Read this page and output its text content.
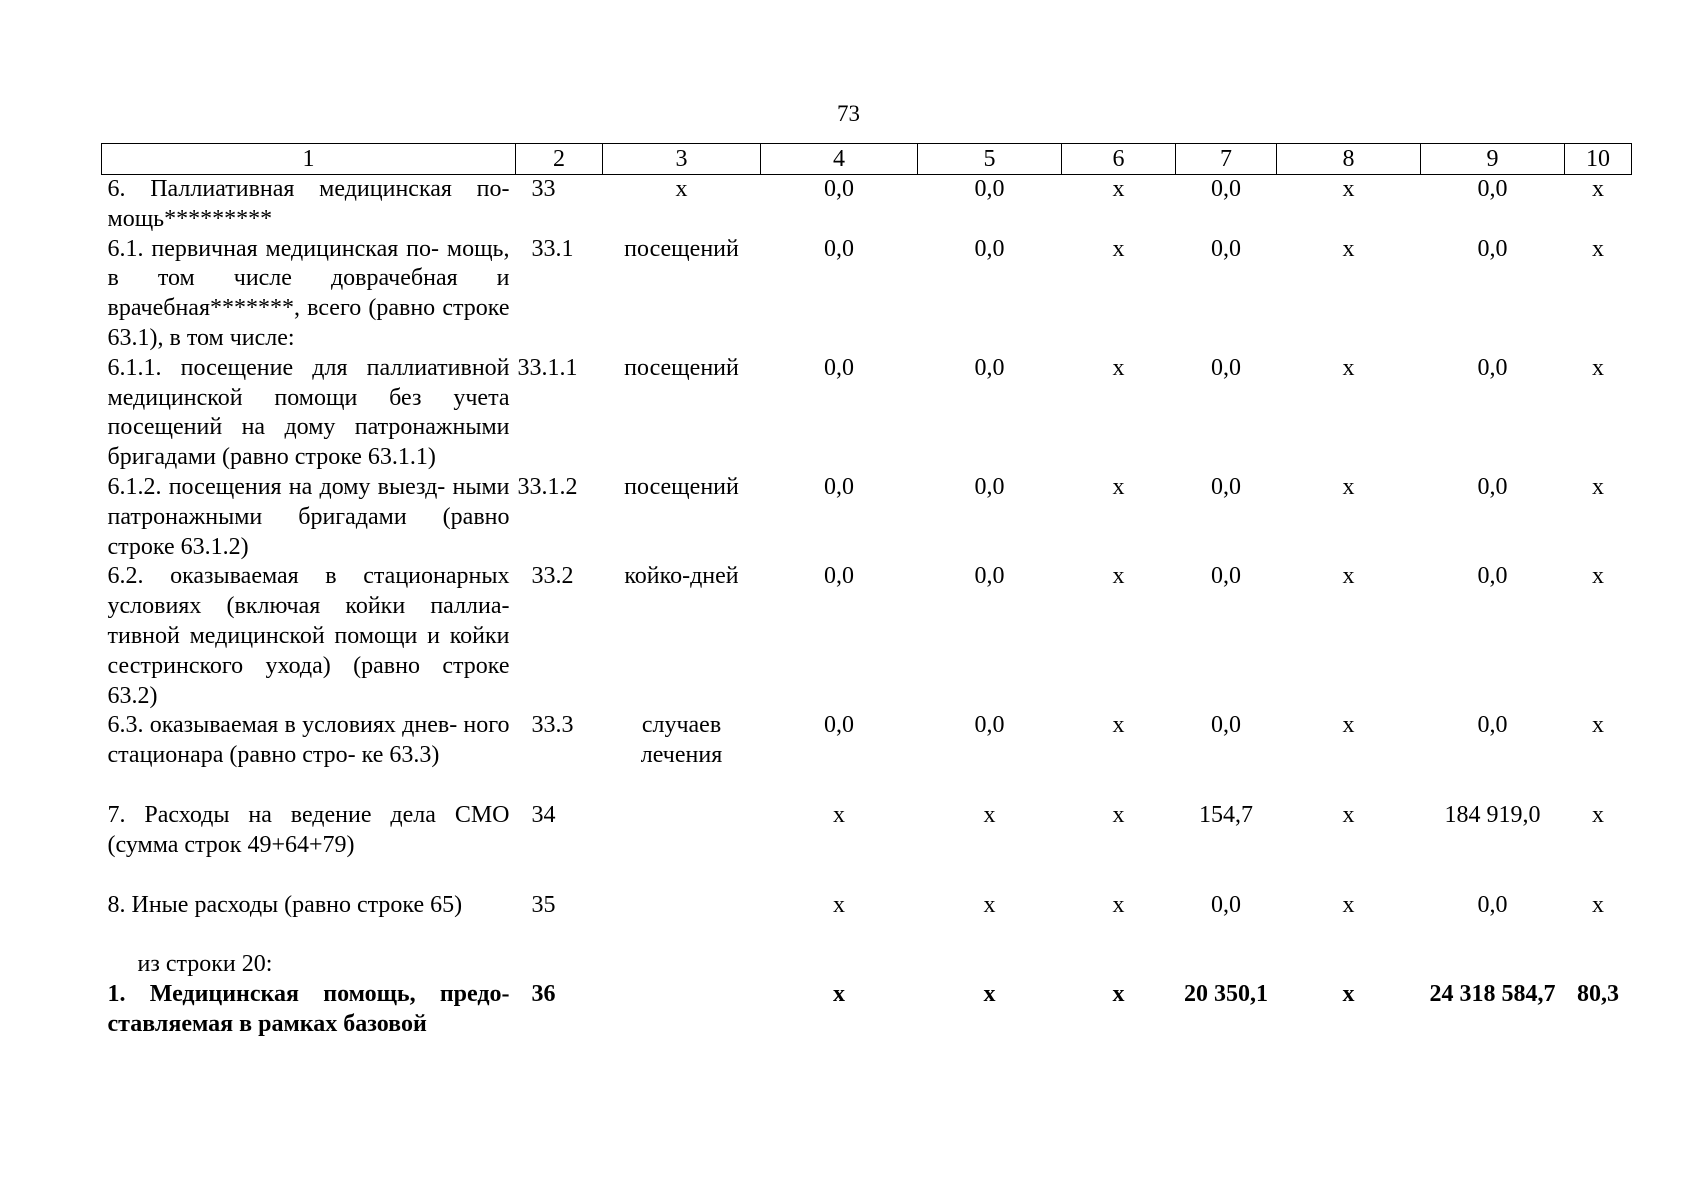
73
1	2	3	4	5	6	7	8	9	10
6. Паллиативная медицинская по- мощь*********	33	х	0,0	0,0	х	0,0	х	0,0	х
6.1. первичная медицинская по- мощь, в том числе доврачебная и врачебная*******, всего (равно строке 63.1), в том числе:	33.1	посещений	0,0	0,0	х	0,0	х	0,0	х
6.1.1. посещение для паллиативной медицинской помощи без учета посещений на дому патронажными бригадами (равно строке 63.1.1)	33.1.1	посещений	0,0	0,0	х	0,0	х	0,0	х
6.1.2. посещения на дому выезд- ными патронажными бригадами (равно строке 63.1.2)	33.1.2	посещений	0,0	0,0	х	0,0	х	0,0	х
6.2. оказываемая в стационарных условиях (включая койки паллиа- тивной медицинской помощи и койки сестринского ухода) (равно строке 63.2)	33.2	койко-дней	0,0	0,0	х	0,0	х	0,0	х
6.3. оказываемая в условиях днев- ного стационара (равно стро- ке 63.3)	33.3	случаев лечения	0,0	0,0	х	0,0	х	0,0	х
7. Расходы на ведение дела СМО (сумма строк 49+64+79)	34		х	х	х	154,7	х	184 919,0	х
8. Иные расходы (равно строке 65)	35		х	х	х	0,0	х	0,0	х
из строки 20:									
1. Медицинская помощь, предо- ставляемая в рамках базовой	36		х	х	х	20 350,1	х	24 318 584,7	80,3
